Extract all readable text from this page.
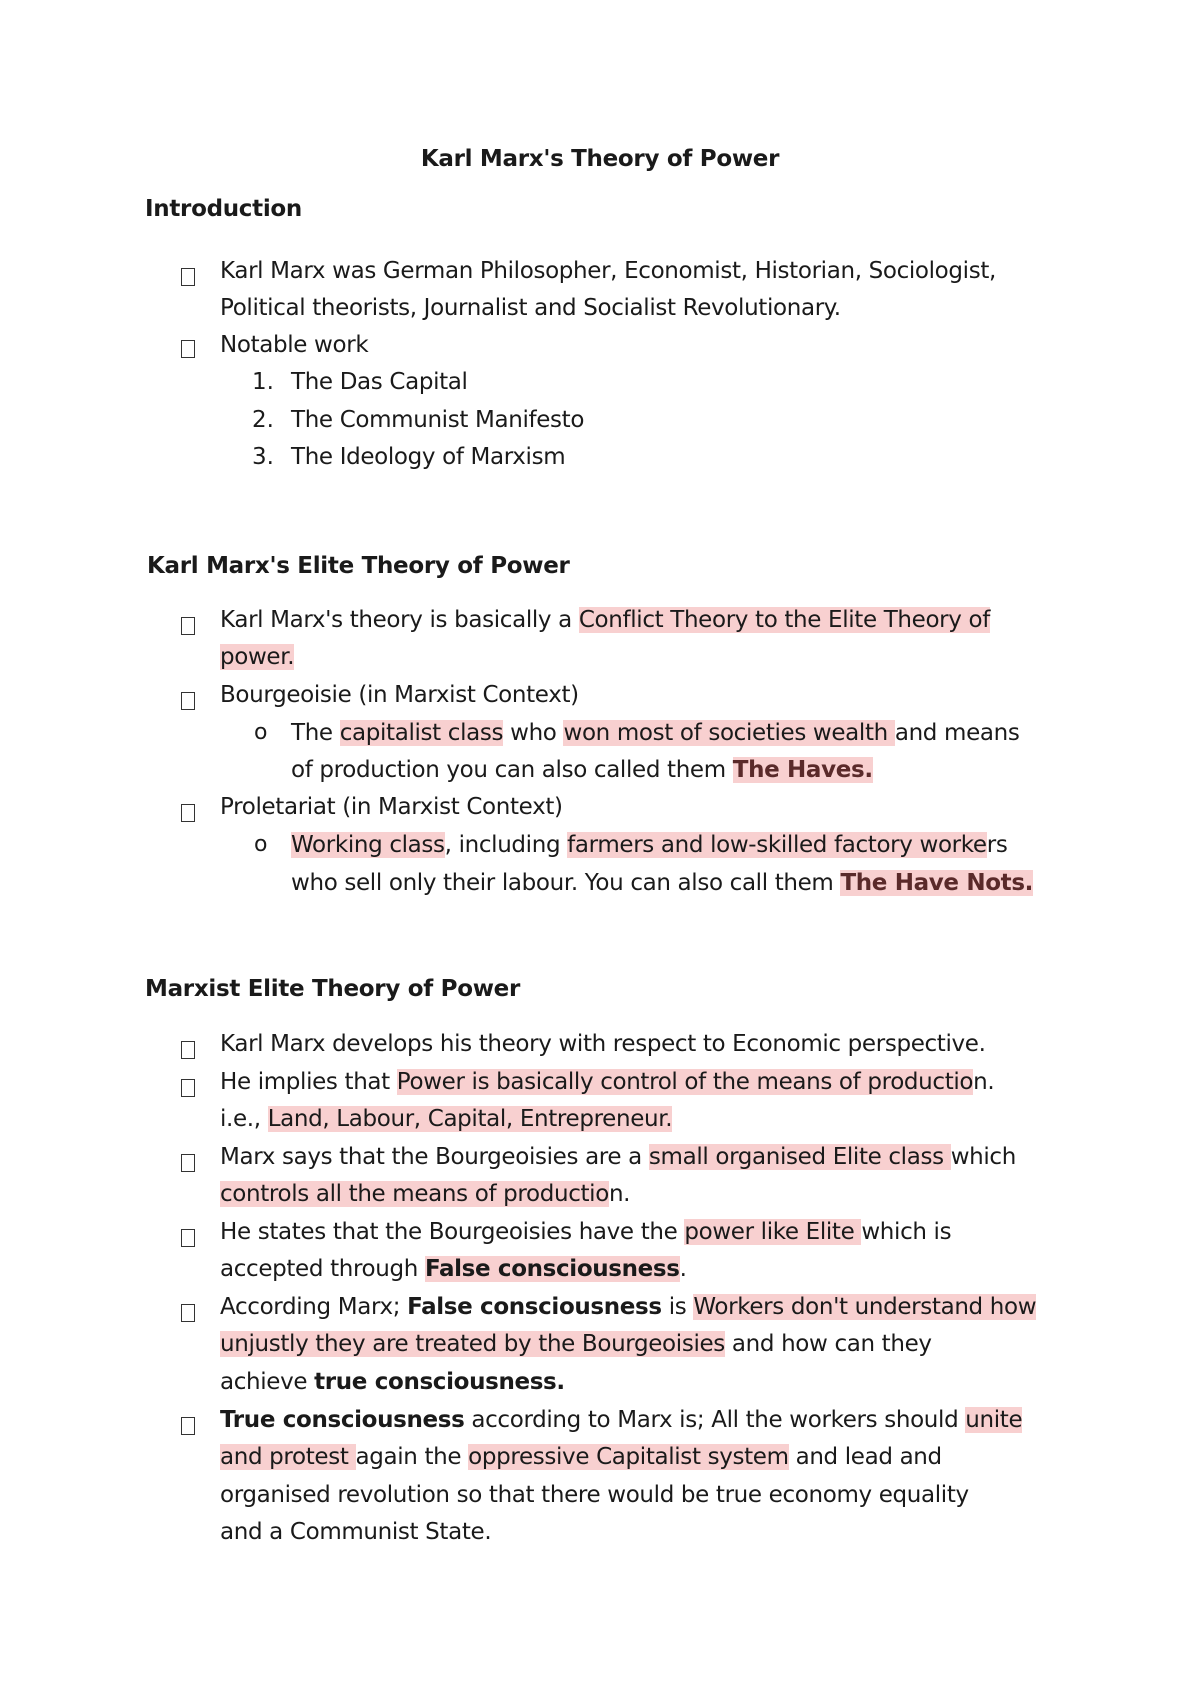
Karl Marx's Theory of Power
Introduction
Karl Marx was German Philosopher, Economist, Historian, Sociologist,
Political theorists, Journalist and Socialist Revolutionary.
Notable work
1. The Das Capital
2. The Communist Manifesto
3. The Ideology of Marxism
Karl Marx's Elite Theory of Power
Karl Marx's theory is basically a Conflict Theory to the Elite Theory of
power.
Bourgeoisie (in Marxist Context)
o The capitalist class who won most of societies wealth and means
of production you can also called them The Haves.
Proletariat (in Marxist Context)
o Working class, including farmers and low-skilled factory workers
who sell only their labour. You can also call them The Have Nots.
Marxist Elite Theory of Power
Karl Marx develops his theory with respect to Economic perspective.
He implies that Power is basically control of the means of production.
i.e., Land, Labour, Capital, Entrepreneur.
Marx says that the Bourgeoisies are a small organised Elite class which
controls all the means of production.
He states that the Bourgeoisies have the power like Elite which is
accepted through False consciousness.
According Marx; False consciousness is Workers don't understand how
unjustly they are treated by the Bourgeoisies and how can they
achieve true consciousness.
True consciousness according to Marx is; All the workers should unite
and protest again the oppressive Capitalist system and lead and
organised revolution so that there would be true economy equality
and a Communist State.
